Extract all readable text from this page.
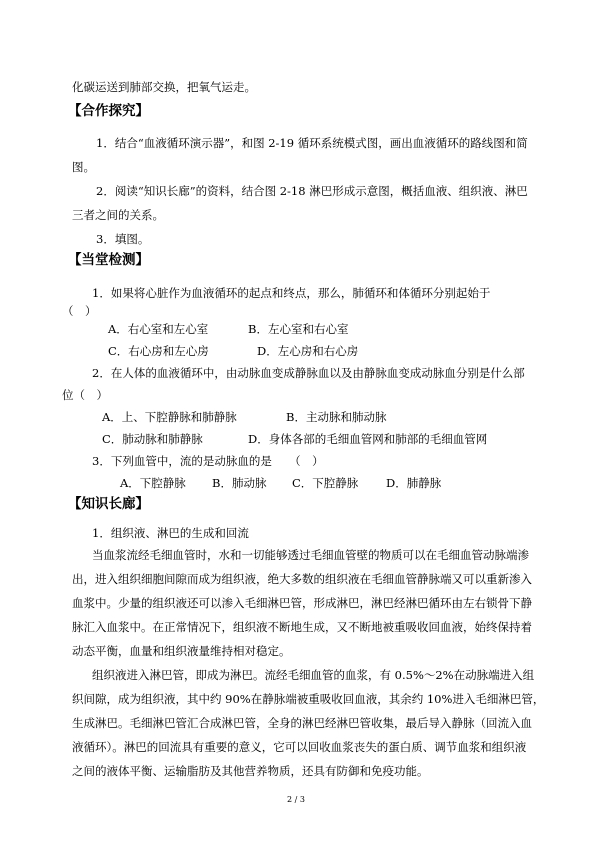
化碳运送到肺部交换，把氧气运走。
【合作探究】
1．结合“血液循环演示器”，和图 2-19 循环系统模式图，画出血液循环的路线图和简
图。
2．阅读“知识长廊”的资料，结合图 2-18 淋巴形成示意图，概括血液、组织液、淋巴
三者之间的关系。
3．填图。
【当堂检测】
1．如果将心脏作为血液循环的起点和终点，那么，肺循环和体循环分别起始于
（　）
A．右心室和左心室	B．左心室和右心室
C．右心房和左心房	D．左心房和右心房
2．在人体的血液循环中，由动脉血变成静脉血以及由静脉血变成动脉血分别是什么部
位（　）
A．上、下腔静脉和肺静脉	B．主动脉和肺动脉
C．肺动脉和肺静脉	D．身体各部的毛细血管网和肺部的毛细血管网
3．下列血管中，流的是动脉血的是　　（　）
A．下腔静脉 B．肺动脉 C．下腔静脉 D．肺静脉
【知识长廊】
1．组织液、淋巴的生成和回流
当血浆流经毛细血管时，水和一切能够透过毛细血管壁的物质可以在毛细血管动脉端渗
出，进入组织细胞间隙而成为组织液，绝大多数的组织液在毛细血管静脉端又可以重新渗入
血浆中。少量的组织液还可以渗入毛细淋巴管，形成淋巴，淋巴经淋巴循环由左右锁骨下静
脉汇入血浆中。在正常情况下，组织液不断地生成，又不断地被重吸收回血液，始终保持着
动态平衡，血量和组织液量维持相对稳定。
组织液进入淋巴管，即成为淋巴。流经毛细血管的血浆，有 0.5%～2%在动脉端进入组
织间隙，成为组织液，其中约 90%在静脉端被重吸收回血液，其余约 10%进入毛细淋巴管，
生成淋巴。毛细淋巴管汇合成淋巴管，全身的淋巴经淋巴管收集，最后导入静脉（回流入血
液循环）。淋巴的回流具有重要的意义，它可以回收血浆丧失的蛋白质、调节血浆和组织液
之间的液体平衡、运输脂肪及其他营养物质，还具有防御和免疫功能。
2 / 3
